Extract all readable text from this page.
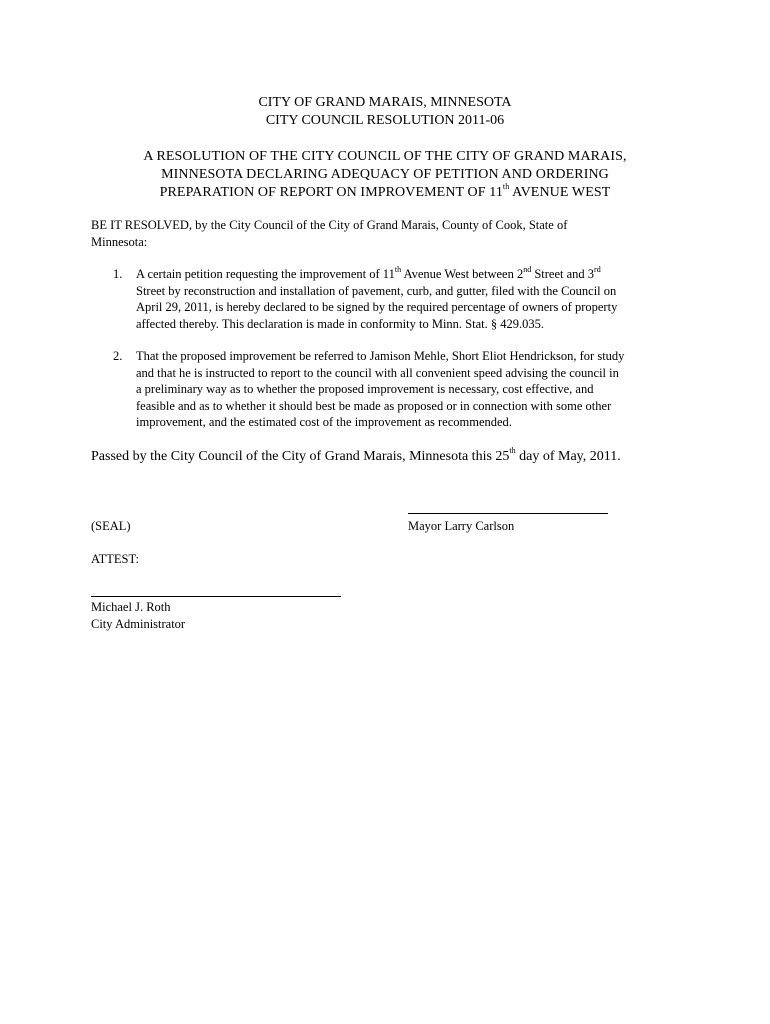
CITY OF GRAND MARAIS, MINNESOTA

CITY COUNCIL RESOLUTION 2011-06

A RESOLUTION OF THE CITY COUNCIL OF THE CITY OF GRAND MARAIS,

MINNESOTA DECLARING ADEQUACY OF PETITION AND ORDERING

PREPARATION OF REPORT ON IMPROVEMENT OF 11th AVENUE WEST

BE IT RESOLVED, by the City Council of the City of Grand Marais, County of Cook, State of

Minnesota:

1. A certain petition requesting the improvement of 11th Avenue West between 2nd Street and 3rd
Street by reconstruction and installation of pavement, curb, and gutter, filed with the Council on
April 29, 2011, is hereby declared to be signed by the required percentage of owners of property
affected thereby. This declaration is made in conformity to Minn. Stat. § 429.035.
2. That the proposed improvement be referred to Jamison Mehle, Short Eliot Hendrickson, for study
and that he is instructed to report to the council with all convenient speed advising the council in
a preliminary way as to whether the proposed improvement is necessary, cost effective, and
feasible and as to whether it should best be made as proposed or in connection with some other
improvement, and the estimated cost of the improvement as recommended.

Passed by the City Council of the City of Grand Marais, Minnesota this 25th day of May, 2011.

Mayor Larry Carlson

(SEAL)

ATTEST:

Michael J. Roth

City Administrator
